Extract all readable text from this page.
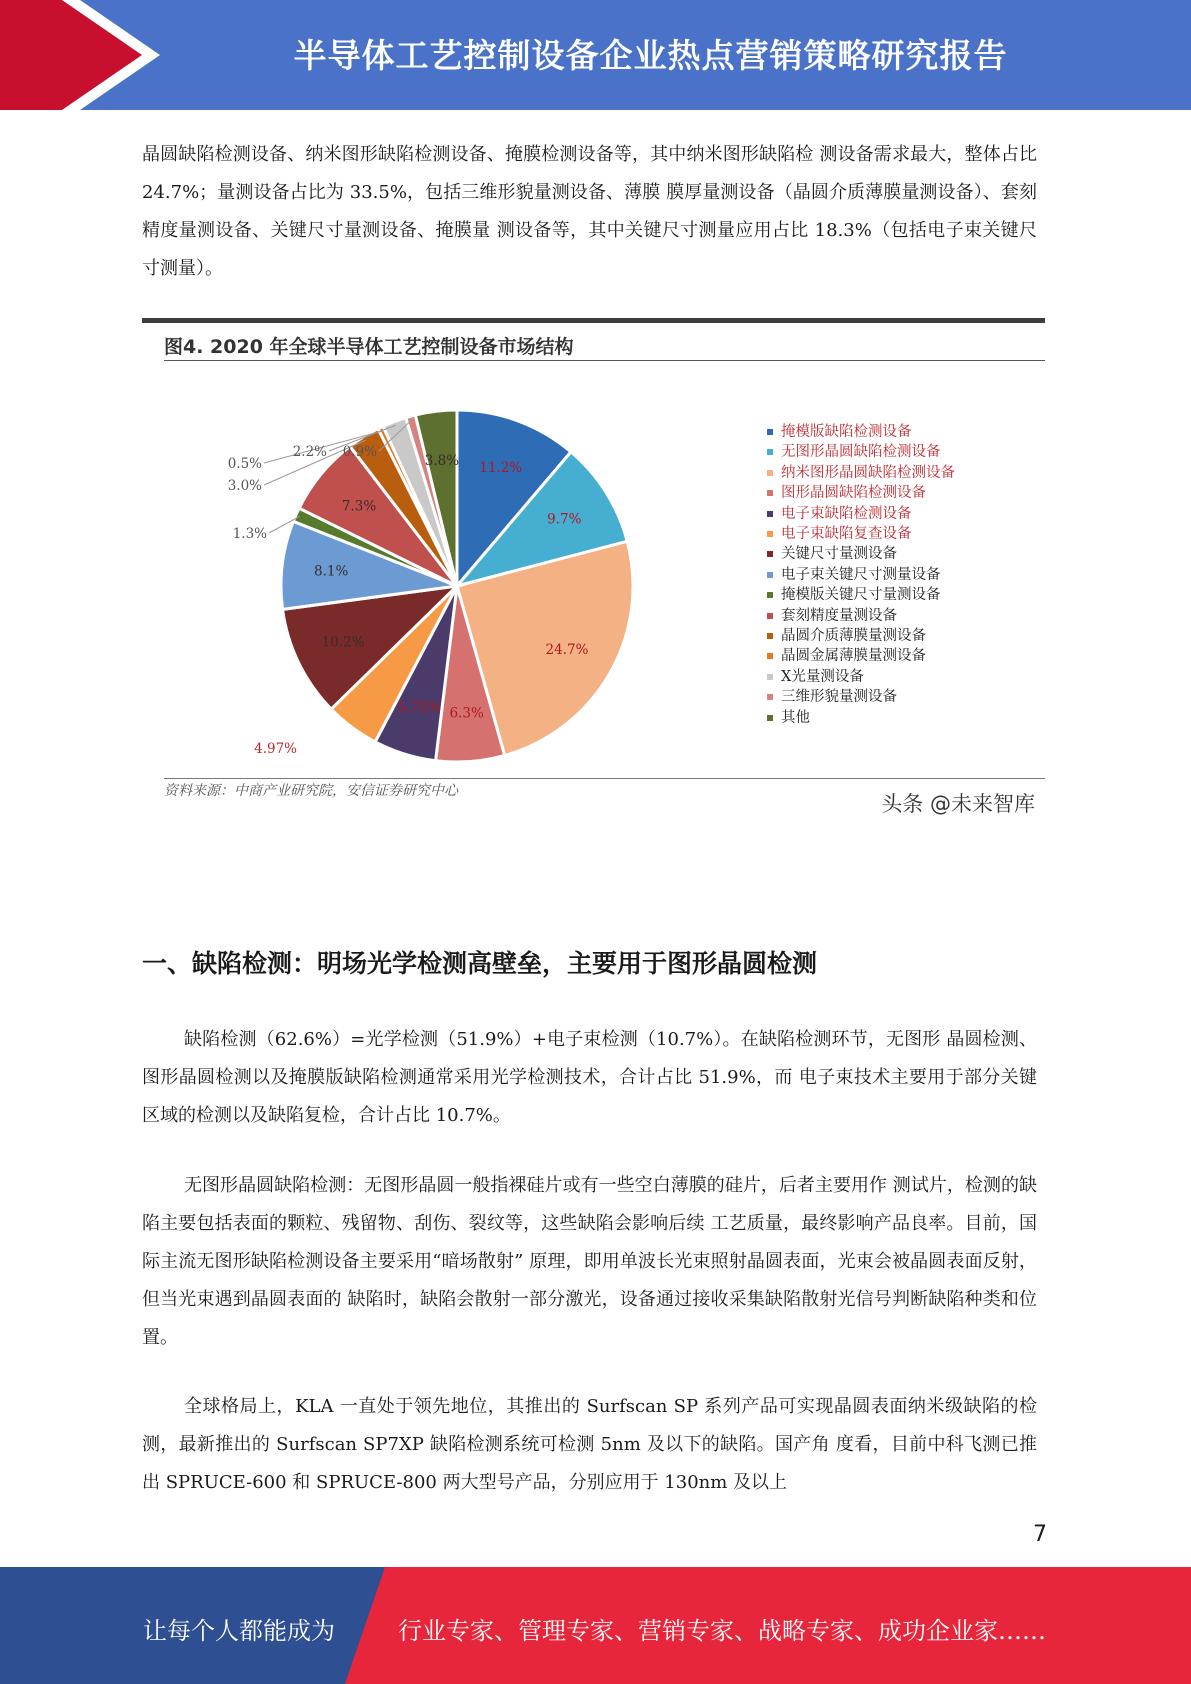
半导体工艺控制设备企业热点营销策略研究报告

晶圆缺陷检测设备、纳米图形缺陷检测设备、掩膜检测设备等，其中纳米图形缺陷检 测设备需求最大，整体占比 24.7%；量测设备占比为 33.5%，包括三维形貌量测设备、薄膜 膜厚量测设备（晶圆介质薄膜量测设备）、套刻精度量测设备、关键尺寸量测设备、掩膜量 测设备等，其中关键尺寸测量应用占比 18.3%（包括电子束关键尺寸测量）。

图4. 2020 年全球半导体工艺控制设备市场结构
11.2%
9.7%
24.7%
6.3%
5.75%
4.97%
10.2%
8.1%
1.3%
7.3%
3.0%
0.5%
2.2% 0.9%
3.8%
掩模版缺陷检测设备
无图形晶圆缺陷检测设备
纳米图形晶圆缺陷检测设备
图形晶圆缺陷检测设备
电子束缺陷检测设备
电子束缺陷复查设备
关键尺寸量测设备
电子束关键尺寸测量设备
掩模版关键尺寸量测设备
套刻精度量测设备
晶圆介质薄膜量测设备
晶圆金属薄膜量测设备
X光量测设备
三维形貌量测设备
其他
资料来源：中商产业研究院，安信证券研究中心
头条 @未来智库
一、缺陷检测：明场光学检测高壁垒，主要用于图形晶圆检测

缺陷检测（62.6%）=光学检测（51.9%）+电子束检测（10.7%）。在缺陷检测环节，无图形 晶圆检测、图形晶圆检测以及掩膜版缺陷检测通常采用光学检测技术，合计占比 51.9%，而 电子束技术主要用于部分关键区域的检测以及缺陷复检，合计占比 10.7%。

无图形晶圆缺陷检测：无图形晶圆一般指裸硅片或有一些空白薄膜的硅片，后者主要用作 测试片，检测的缺陷主要包括表面的颗粒、残留物、刮伤、裂纹等，这些缺陷会影响后续 工艺质量，最终影响产品良率。目前，国际主流无图形缺陷检测设备主要采用“暗场散射” 原理，即用单波长光束照射晶圆表面，光束会被晶圆表面反射，但当光束遇到晶圆表面的 缺陷时，缺陷会散射一部分激光，设备通过接收采集缺陷散射光信号判断缺陷种类和位置。

全球格局上，KLA 一直处于领先地位，其推出的 Surfscan SP 系列产品可实现晶圆表面纳米级缺陷的检测，最新推出的 Surfscan SP7XP 缺陷检测系统可检测 5nm 及以下的缺陷。国产角 度看，目前中科飞测已推出 SPRUCE-600 和 SPRUCE-800 两大型号产品，分别应用于 130nm 及以上

7
让每个人都能成为	行业专家、管理专家、营销专家、战略专家、成功企业家……
